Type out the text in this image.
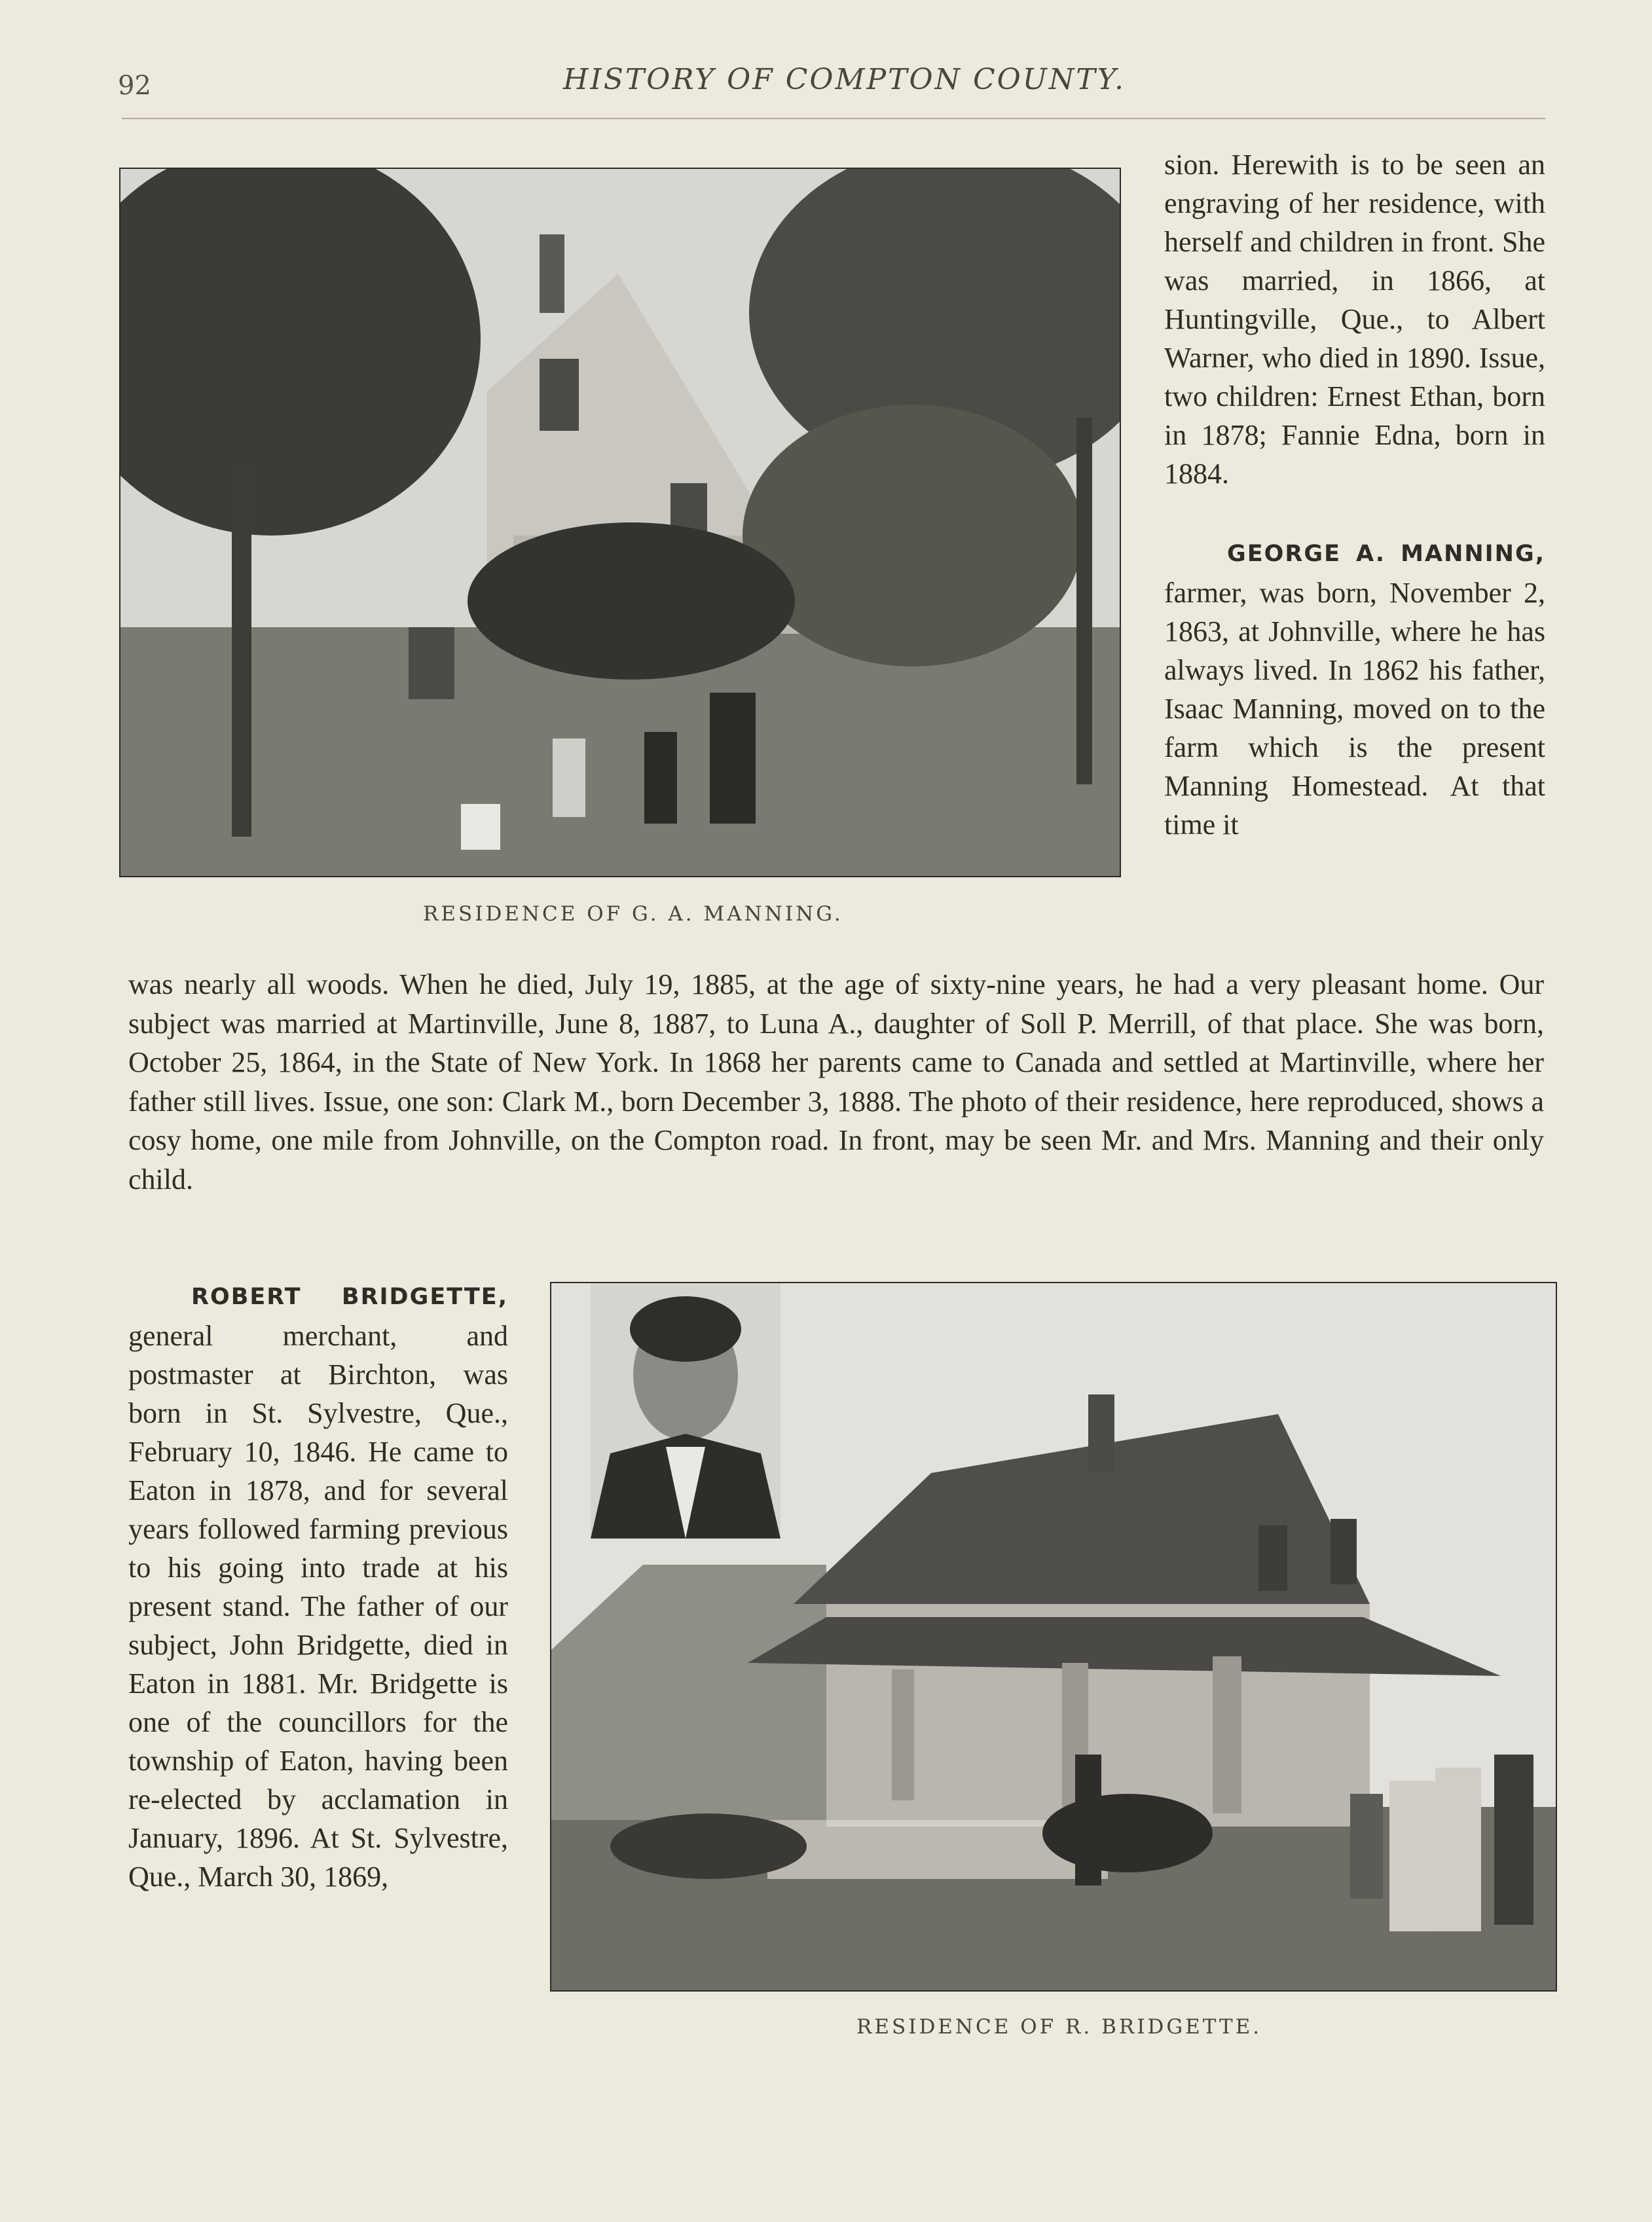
92	HISTORY OF COMPTON COUNTY.
RESIDENCE OF G. A. MANNING.

sion. Herewith is to be seen an engraving of her residence, with herself and children in front. She was married, in 1866, at Huntingville, Que., to Albert Warner, who died in 1890. Issue, two children: Ernest Ethan, born in 1878; Fannie Edna, born in 1884.

GEORGE A. MANNING, farmer, was born, November 2, 1863, at Johnville, where he has always lived. In 1862 his father, Isaac Manning, moved on to the farm which is the present Manning Homestead. At that time it

was nearly all woods. When he died, July 19, 1885, at the age of sixty-nine years, he had a very pleasant home. Our subject was married at Martinville, June 8, 1887, to Luna A., daughter of Soll P. Merrill, of that place. She was born, October 25, 1864, in the State of New York. In 1868 her parents came to Canada and settled at Martinville, where her father still lives. Issue, one son: Clark M., born December 3, 1888. The photo of their residence, here reproduced, shows a cosy home, one mile from Johnville, on the Compton road. In front, may be seen Mr. and Mrs. Manning and their only child.

ROBERT BRIDGETTE, general merchant, and postmaster at Birchton, was born in St. Sylvestre, Que., February 10, 1846. He came to Eaton in 1878, and for several years followed farming previous to his going into trade at his present stand. The father of our subject, John Bridgette, died in Eaton in 1881. Mr. Bridgette is one of the councillors for the township of Eaton, having been re-elected by acclamation in January, 1896. At St. Sylvestre, Que., March 30, 1869,

RESIDENCE OF R. BRIDGETTE.
